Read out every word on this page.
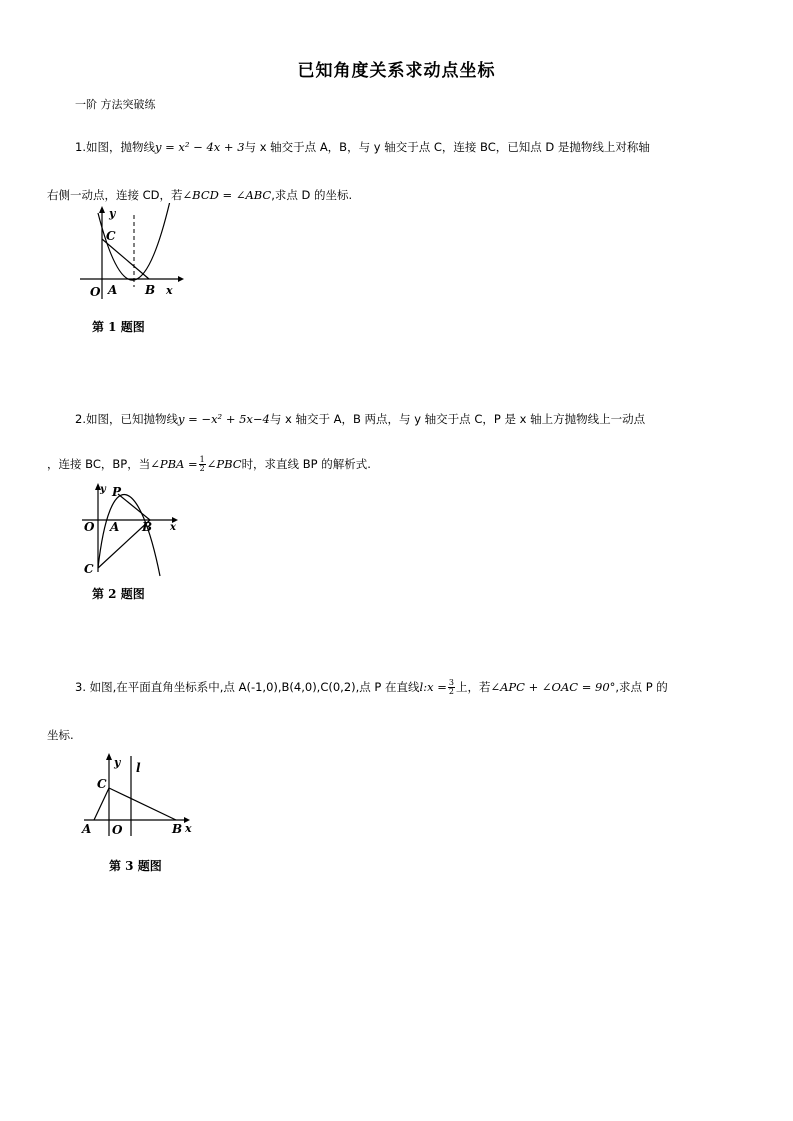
已知角度关系求动点坐标
一阶 方法突破练
1.如图，抛物线y = x² − 4x + 3与 x 轴交于点 A，B，与 y 轴交于点 C，连接 BC，已知点 D 是抛物线上对称轴
右侧一动点，连接 CD，若∠BCD = ∠ABC,求点 D 的坐标.
y
C
O A B x
第 1 题图
2.如图，已知抛物线y = −x² + 5x−4与 x 轴交于 A，B 两点，与 y 轴交于点 C，P 是 x 轴上方抛物线上一动点
，连接 BC，BP，当∠PBA = $\frac{1}{2}$ ∠PBC时，求直线 BP 的解析式.
y P
O A B x
C
第 2 题图
3. 如图,在平面直角坐标系中,点 A(-1,0),B(4,0),C(0,2),点 P 在直线l:x = $\frac{3}{2}$ 上，若∠APC + ∠OAC = 90°,求点 P 的
坐标.
y l
C
A O	B x
第 3 题图
